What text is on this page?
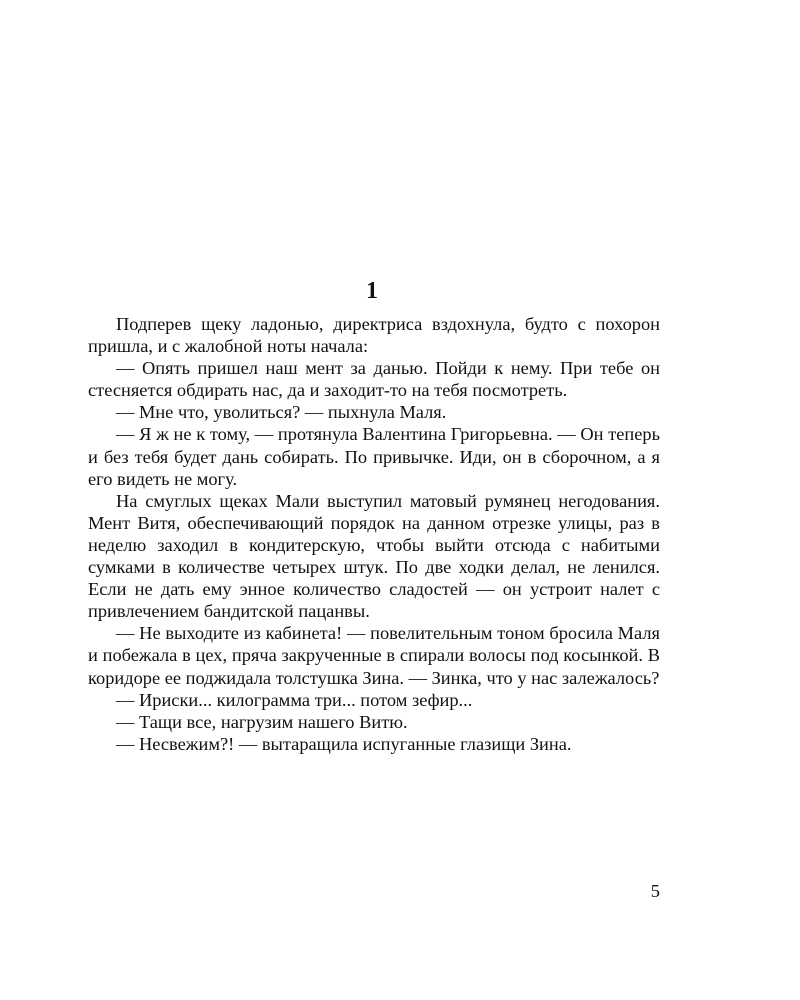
1

Подперев щеку ладонью, директриса вздохнула, будто с похорон пришла, и с жалобной ноты начала:

— Опять пришел наш мент за данью. Пойди к нему. При тебе он стесняется обдирать нас, да и заходит-то на тебя посмотреть.

— Мне что, уволиться? — пыхнула Маля.

— Я ж не к тому, — протянула Валентина Григорьевна. — Он теперь и без тебя будет дань собирать. По привычке. Иди, он в сборочном, а я его видеть не могу.

На смуглых щеках Мали выступил матовый румянец негодования. Мент Витя, обеспечивающий порядок на данном отрезке улицы, раз в неделю заходил в кондитерскую, чтобы выйти отсюда с набитыми сумками в количестве четырех штук. По две ходки делал, не ленился. Если не дать ему энное количество сладостей — он устроит налет с привлечением бандитской пацанвы.

— Не выходите из кабинета! — повелительным тоном бросила Маля и побежала в цех, пряча закрученные в спирали волосы под косынкой. В коридоре ее поджидала толстушка Зина. — Зинка, что у нас залежалось?

— Ириски... килограмма три... потом зефир...

— Тащи все, нагрузим нашего Витю.

— Несвежим?! — вытаращила испуганные глазищи Зина.

5
